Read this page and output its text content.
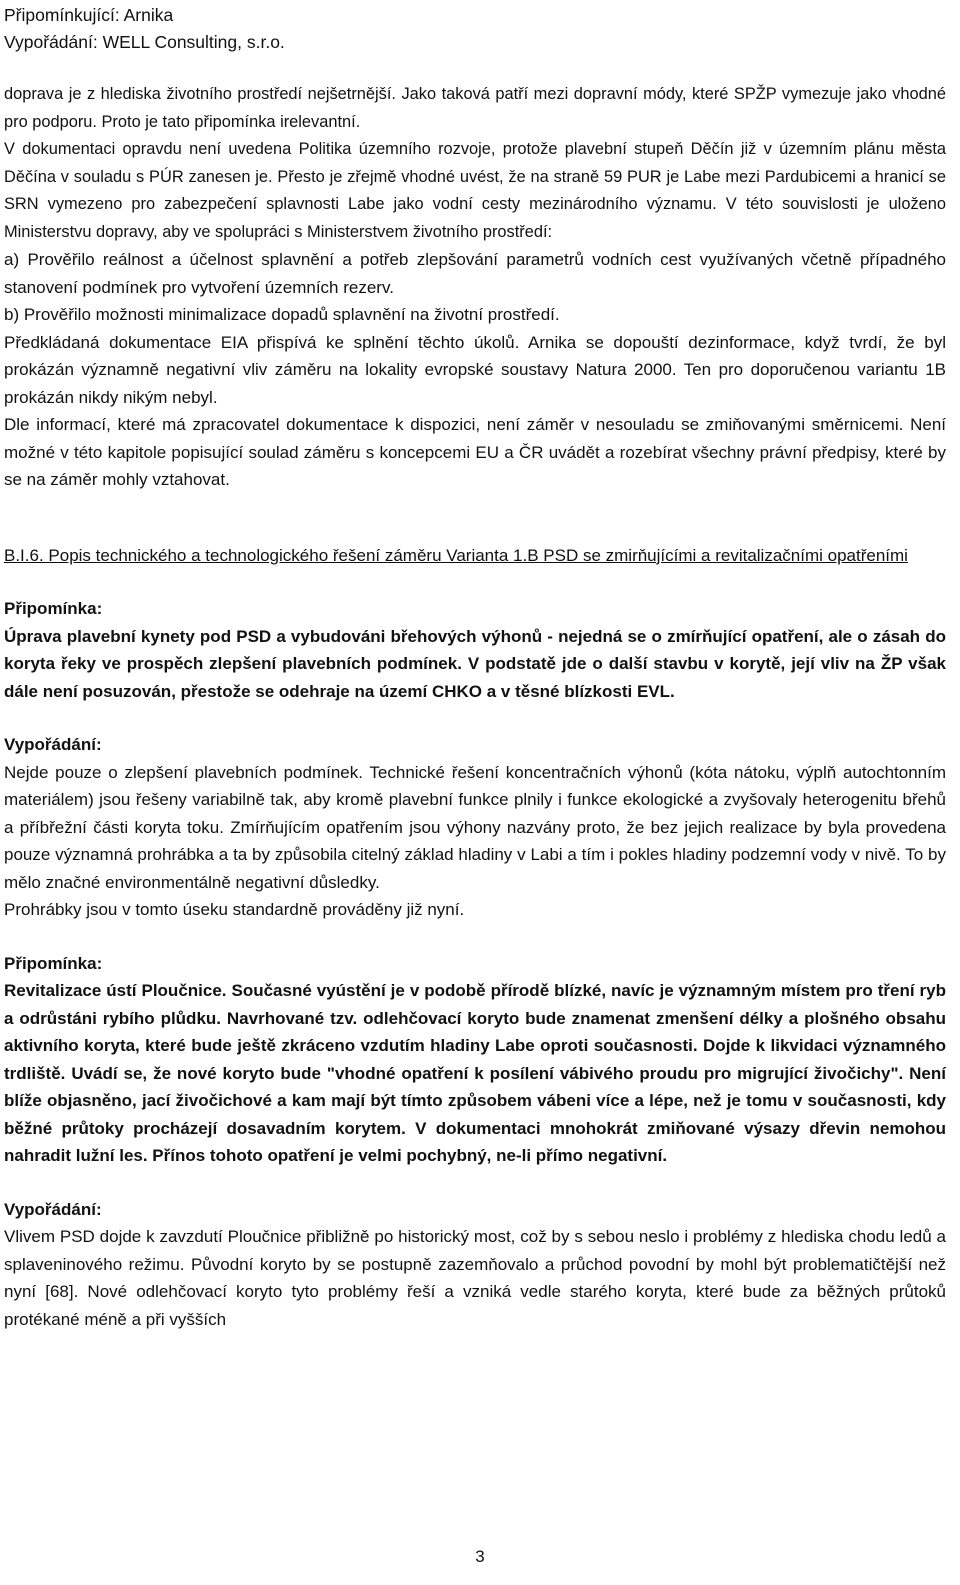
Připomínkující: Arnika
Vypořádání: WELL Consulting, s.r.o.

doprava je z hlediska životního prostředí nejšetrnější. Jako taková patří mezi dopravní módy, které SPŽP vymezuje jako vhodné pro podporu. Proto je tato připomínka irelevantní.

V dokumentaci opravdu není uvedena Politika územního rozvoje, protože plavební stupeň Děčín již v územním plánu města Děčína v souladu s PÚR zanesen je. Přesto je zřejmě vhodné uvést, že na straně 59 PUR je Labe mezi Pardubicemi a hranicí se SRN vymezeno pro zabezpečení splavnosti Labe jako vodní cesty mezinárodního významu. V této souvislosti je uloženo Ministerstvu dopravy, aby ve spolupráci s Ministerstvem životního prostředí:

a) Prověřilo reálnost a účelnost splavnění a potřeb zlepšování parametrů vodních cest využívaných včetně případného stanovení podmínek pro vytvoření územních rezerv.

b) Prověřilo možnosti minimalizace dopadů splavnění na životní prostředí.

Předkládaná dokumentace EIA přispívá ke splnění těchto úkolů. Arnika se dopouští dezinformace, když tvrdí, že byl prokázán významně negativní vliv záměru na lokality evropské soustavy Natura 2000. Ten pro doporučenou variantu 1B prokázán nikdy nikým nebyl.

Dle informací, které má zpracovatel dokumentace k dispozici, není záměr v nesouladu se zmiňovanými směrnicemi. Není možné v této kapitole popisující soulad záměru s koncepcemi EU a ČR uvádět a rozebírat všechny právní předpisy, které by se na záměr mohly vztahovat.

B.I.6. Popis technického a technologického řešení záměru Varianta 1.B PSD se zmirňujícími a revitalizačními opatřeními
Připomínka:

Úprava plavební kynety pod PSD a vybudováni břehových výhonů - nejedná se o zmírňující opatření, ale o zásah do koryta řeky ve prospěch zlepšení plavebních podmínek. V podstatě jde o další stavbu v korytě, její vliv na ŽP však dále není posuzován, přestože se odehraje na území CHKO a v těsné blízkosti EVL.

Vypořádání:

Nejde pouze o zlepšení plavebních podmínek. Technické řešení koncentračních výhonů (kóta nátoku, výplň autochtonním materiálem) jsou řešeny variabilně tak, aby kromě plavební funkce plnily i funkce ekologické a zvyšovaly heterogenitu břehů a příbřežní části koryta toku. Zmírňujícím opatřením jsou výhony nazvány proto, že bez jejich realizace by byla provedena pouze významná prohrábka a ta by způsobila citelný základ hladiny v Labi a tím i pokles hladiny podzemní vody v nivě. To by mělo značné environmentálně negativní důsledky.

Prohrábky jsou v tomto úseku standardně prováděny již nyní.

Připomínka:

Revitalizace ústí Ploučnice. Současné vyústění je v podobě přírodě blízké, navíc je významným místem pro tření ryb a odrůstáni rybího plůdku. Navrhované tzv. odlehčovací koryto bude znamenat zmenšení délky a plošného obsahu aktivního koryta, které bude ještě zkráceno vzdutím hladiny Labe oproti současnosti. Dojde k likvidaci významného trdliště. Uvádí se, že nové koryto bude "vhodné opatření k posílení vábivého proudu pro migrující živočichy". Není blíže objasněno, jací živočichové a kam mají být tímto způsobem vábeni více a lépe, než je tomu v současnosti, kdy běžné průtoky procházejí dosavadním korytem. V dokumentaci mnohokrát zmiňované výsazy dřevin nemohou nahradit lužní les. Přínos tohoto opatření je velmi pochybný, ne-li přímo negativní.

Vypořádání:

Vlivem PSD dojde k zavzdutí Ploučnice přibližně po historický most, což by s sebou neslo i problémy z hlediska chodu ledů a splaveninového režimu. Původní koryto by se postupně zazemňovalo a průchod povodní by mohl být problematičtější než nyní [68]. Nové odlehčovací koryto tyto problémy řeší a vzniká vedle starého koryta, které bude za běžných průtoků protékané méně a při vyšších

3
